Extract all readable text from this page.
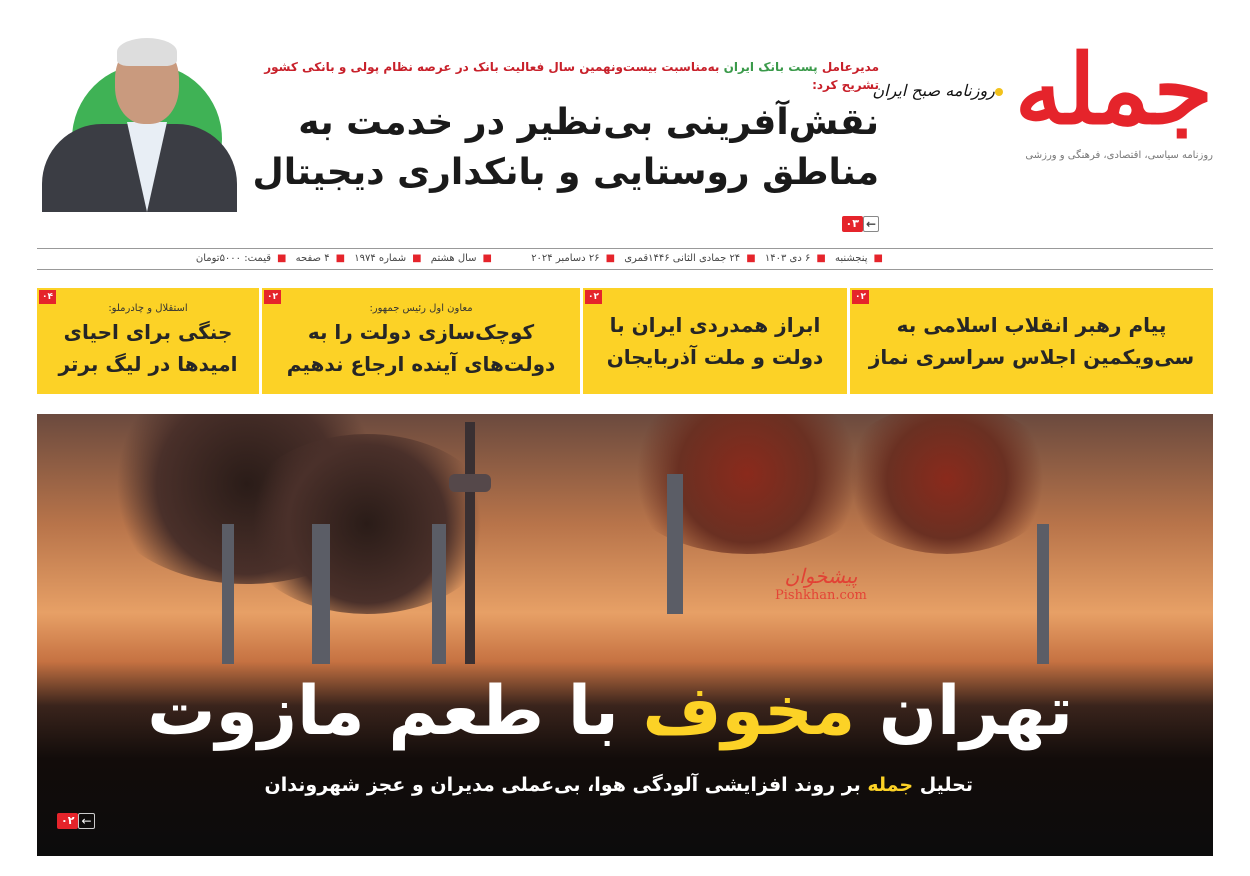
جمله
روزنامه صبح ایران
روزنامه سیاسی، اقتصادی، فرهنگی و ورزشی
مدیرعامل پست بانک ایران به‌مناسبت بیست‌ونهمین سال فعالیت بانک در عرصه نظام پولی و بانکی کشور تشریح کرد:
نقش‌آفرینی بی‌نظیر در خدمت به
مناطق روستایی و بانکداری دیجیتال ←۰۳
■پنجشنبه ■۶ دی ۱۴۰۳ ■۲۴ جمادی الثانی ۱۴۴۶قمری ■۲۶ دسامبر ۲۰۲۴ ■سال هشتم ■شماره ۱۹۷۴ ■۴ صفحه ■قیمت: ۵۰۰۰تومان
۰۲
پیام رهبر انقلاب اسلامی به
سی‌ویکمین اجلاس سراسری نماز
۰۲
ابراز همدردی ایران با
دولت و ملت آذربایجان
۰۲
معاون اول رئیس جمهور:
کوچک‌سازی دولت را به
دولت‌های آینده ارجاع ندهیم
۰۴
استقلال و چادرملو:
جنگی برای احیای
امیدها در لیگ برتر
پیشخوان
Pishkhan.com
تهران مخوف با طعم مازوت
تحلیل جمله بر روند افزایشی آلودگی هوا، بی‌عملی مدیران و عجز شهروندان
۰۲ ←
